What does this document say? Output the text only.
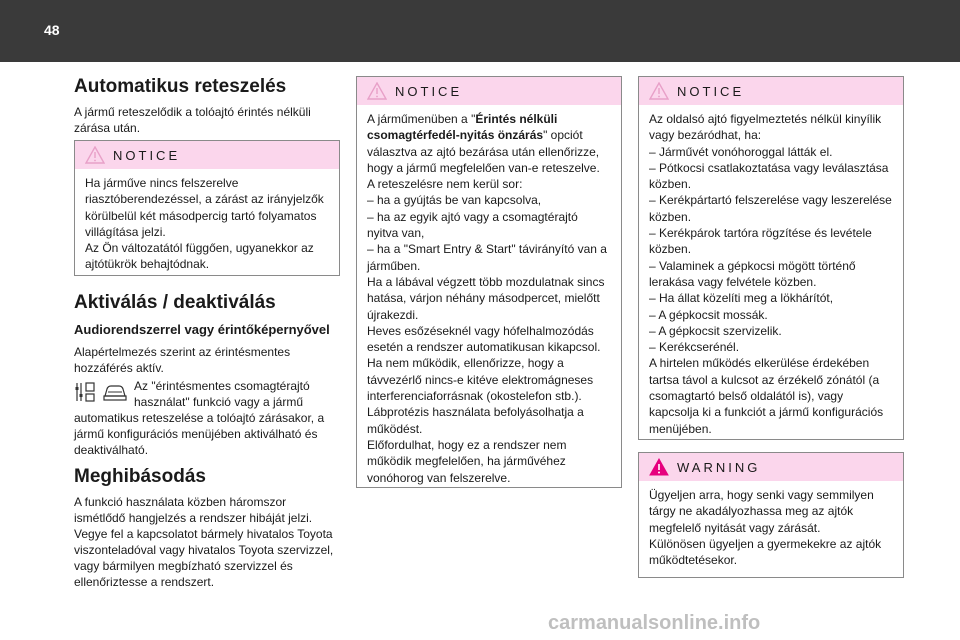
48
Automatikus reteszelés

A jármű reteszelődik a tolóajtó érintés nélküli zárása után.

NOTICE
Ha járműve nincs felszerelve riasztóberendezéssel, a zárást az irányjelzők körülbelül két másodpercig tartó folyamatos villágítása jelzi.
Az Ön változatától függően, ugyanekkor az ajtótükrök behajtódnak.
Aktiválás / deaktiválás
Audiorendszerrel vagy érintőképernyővel

Alapértelmezés szerint az érintésmentes hozzáférés aktív.

Az "érintésmentes csomagtérajtó használat" funkció vagy a jármű automatikus reteszelése a tolóajtó zárásakor, a jármű konfigurációs menüjében aktiválható és deaktiválható.

Meghibásodás

A funkció használata közben háromszor ismétlődő hangjelzés a rendszer hibáját jelzi.
Vegye fel a kapcsolatot bármely hivatalos Toyota viszonteladóval vagy hivatalos Toyota szervizzel, vagy bármilyen megbízható szervizzel és ellenőriztesse a rendszert.

NOTICE
A járműmenüben a "Érintés nélküli csomagtérfedél-nyitás önzárás" opciót választva az ajtó bezárása után ellenőrizze, hogy a jármű megfelelően van-e reteszelve.
A reteszelésre nem kerül sor:
– ha a gyújtás be van kapcsolva,
– ha az egyik ajtó vagy a csomagtérajtó nyitva van,
– ha a "Smart Entry & Start" távirányító van a járműben.
Ha a lábával végzett több mozdulatnak sincs hatása, várjon néhány másodpercet, mielőtt újrakezdi.
Heves esőzéseknél vagy hófelhalmozódás esetén a rendszer automatikusan kikapcsol.
Ha nem működik, ellenőrizze, hogy a távvezérlő nincs-e kitéve elektromágneses interferenciaforrásnak (okostelefon stb.).
Lábprotézis használata befolyásolhatja a működést.
Előfordulhat, hogy ez a rendszer nem működik megfelelően, ha járművéhez vonóhorog van felszerelve.
NOTICE
Az oldalsó ajtó figyelmeztetés nélkül kinyílik vagy bezáródhat, ha:
– Járművét vonóhoroggal látták el.
– Pótkocsi csatlakoztatása vagy leválasztása közben.
– Kerékpártartó felszerelése vagy leszerelése közben.
– Kerékpárok tartóra rögzítése és levétele közben.
– Valaminek a gépkocsi mögött történő lerakása vagy felvétele közben.
– Ha állat közelíti meg a lökhárítót,
– A gépkocsit mossák.
– A gépkocsit szervizelik.
– Kerékcserénél.
A hirtelen működés elkerülése érdekében tartsa távol a kulcsot az érzékelő zónától (a csomagtartó belső oldalától is), vagy kapcsolja ki a funkciót a jármű konfigurációs menüjében.
WARNING
Ügyeljen arra, hogy senki vagy semmilyen tárgy ne akadályozhassa meg az ajtók megfelelő nyitását vagy zárását.
Különösen ügyeljen a gyermekekre az ajtók működtetésekor.
carmanualsonline.info
